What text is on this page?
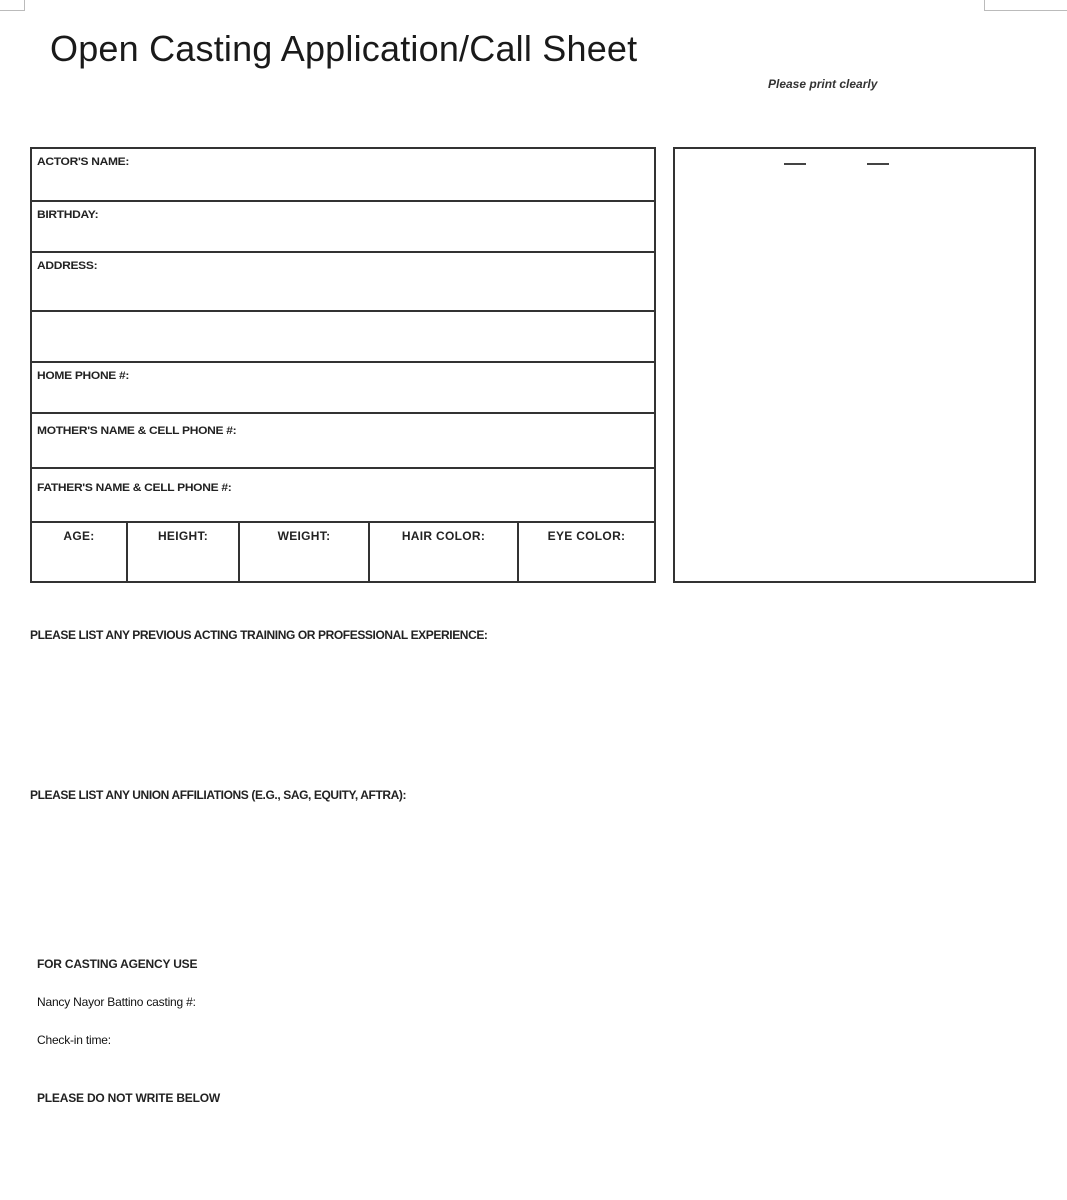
Open Casting Application/Call Sheet
Please print clearly
ACTOR'S NAME:
BIRTHDAY:
ADDRESS:
HOME PHONE #:
MOTHER'S NAME & CELL PHONE #:
FATHER'S NAME & CELL PHONE #:
AGE:	HEIGHT:	WEIGHT:	HAIR COLOR:	EYE COLOR:
PLEASE LIST ANY PREVIOUS ACTING TRAINING OR PROFESSIONAL EXPERIENCE:
PLEASE LIST ANY UNION AFFILIATIONS (E.G., SAG, EQUITY, AFTRA):
FOR CASTING AGENCY USE
Nancy Nayor Battino casting #:
Check-in time:
PLEASE DO NOT WRITE BELOW
